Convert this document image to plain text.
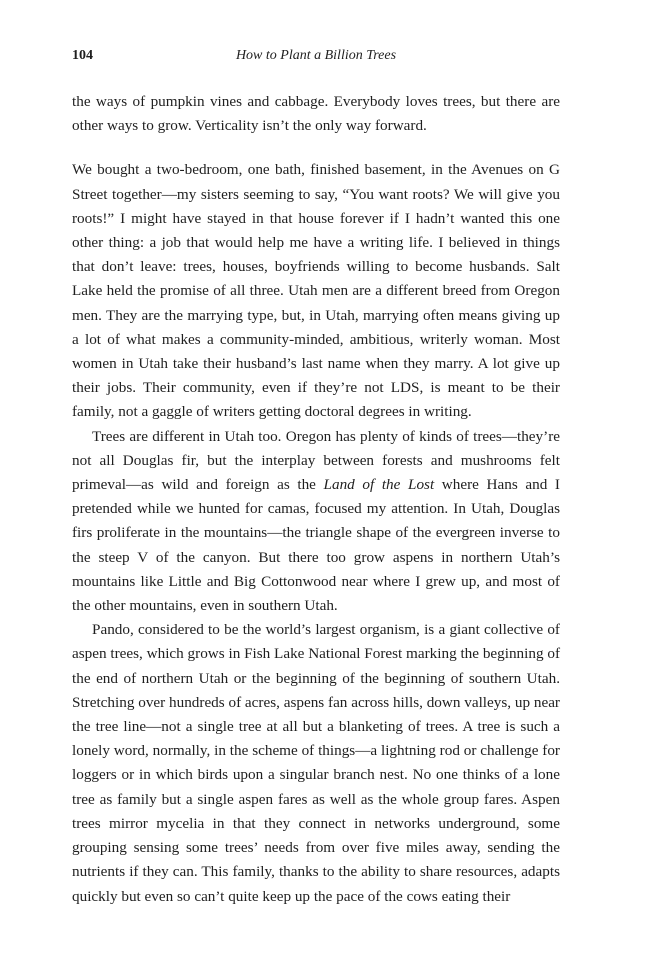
104	How to Plant a Billion Trees

the ways of pumpkin vines and cabbage. Everybody loves trees, but there are other ways to grow. Verticality isn’t the only way forward.

We bought a two-bedroom, one bath, finished basement, in the Avenues on G Street together—my sisters seeming to say, “You want roots? We will give you roots!” I might have stayed in that house forever if I hadn’t wanted this one other thing: a job that would help me have a writing life. I believed in things that don’t leave: trees, houses, boyfriends willing to become husbands. Salt Lake held the promise of all three. Utah men are a different breed from Oregon men. They are the marrying type, but, in Utah, marrying often means giving up a lot of what makes a community-minded, ambitious, writerly woman. Most women in Utah take their husband’s last name when they marry. A lot give up their jobs. Their community, even if they’re not LDS, is meant to be their family, not a gaggle of writers getting doctoral degrees in writing.

Trees are different in Utah too. Oregon has plenty of kinds of trees—they’re not all Douglas fir, but the interplay between forests and mushrooms felt primeval—as wild and foreign as the Land of the Lost where Hans and I pretended while we hunted for camas, focused my attention. In Utah, Douglas firs proliferate in the mountains—the triangle shape of the evergreen inverse to the steep V of the canyon. But there too grow aspens in northern Utah’s mountains like Little and Big Cottonwood near where I grew up, and most of the other mountains, even in southern Utah.

Pando, considered to be the world’s largest organism, is a giant collective of aspen trees, which grows in Fish Lake National Forest marking the beginning of the end of northern Utah or the beginning of the beginning of southern Utah. Stretching over hundreds of acres, aspens fan across hills, down valleys, up near the tree line—not a single tree at all but a blanketing of trees. A tree is such a lonely word, normally, in the scheme of things—a lightning rod or challenge for loggers or in which birds upon a singular branch nest. No one thinks of a lone tree as family but a single aspen fares as well as the whole group fares. Aspen trees mirror mycelia in that they connect in networks underground, some grouping sensing some trees’ needs from over five miles away, sending the nutrients if they can. This family, thanks to the ability to share resources, adapts quickly but even so can’t quite keep up the pace of the cows eating their
